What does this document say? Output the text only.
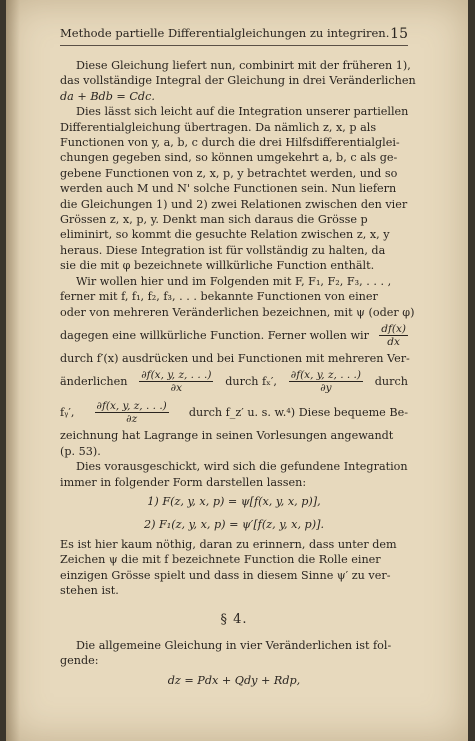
Methode partielle Differentialgleichungen zu integriren. 15
Diese Gleichung liefert nun, combinirt mit der früheren 1),
das vollständige Integral der Gleichung in drei Veränderlichen
da + Bdb = Cdc.
Dies lässt sich leicht auf die Integration unserer partiellen
Differentialgleichung übertragen. Da nämlich z, x, p als
Functionen von y, a, b, c durch die drei Hilfsdifferentialglei-
chungen gegeben sind, so können umgekehrt a, b, c als ge-
gebene Functionen von z, x, p, y betrachtet werden, und so
werden auch M und N' solche Functionen sein. Nun liefern
die Gleichungen 1) und 2) zwei Relationen zwischen den vier
Grössen z, x, p, y. Denkt man sich daraus die Grösse p
eliminirt, so kommt die gesuchte Relation zwischen z, x, y
heraus. Diese Integration ist für vollständig zu halten, da
sie die mit φ bezeichnete willkürliche Function enthält.
Wir wollen hier und im Folgenden mit F, F₁, F₂, F₃, . . . ,
ferner mit f, f₁, f₂, f₃, . . . bekannte Functionen von einer
oder von mehreren Veränderlichen bezeichnen, mit ψ (oder φ)
dagegen eine willkürliche Function. Ferner wollen wir $\frac{df(x)}{dx}$
durch f′(x) ausdrücken und bei Functionen mit mehreren Ver-
änderlichen $\frac{\partial f(x, y, z, . . .)}{\partial x}$ durch fₓ′, $\frac{\partial f(x, y, z, . . .)}{\partial y}$ durch
fᵧ′, $\frac{\partial f(x, y, z, . . .)}{\partial z}$ durch f_z′ u. s. w.⁴) Diese bequeme Be-
zeichnung hat Lagrange in seinen Vorlesungen angewandt
(p. 53).
Dies vorausgeschickt, wird sich die gefundene Integration
immer in folgender Form darstellen lassen:
1) F(z, y, x, p) = ψ[f(x, y, x, p)],
2) F₁(z, y, x, p) = ψ′[f(z, y, x, p)].
Es ist hier kaum nöthig, daran zu erinnern, dass unter dem
Zeichen ψ die mit f bezeichnete Function die Rolle einer
einzigen Grösse spielt und dass in diesem Sinne ψ′ zu ver-
stehen ist.
§ 4.
Die allgemeine Gleichung in vier Veränderlichen ist fol-
gende:
dz = Pdx + Qdy + Rdp,
